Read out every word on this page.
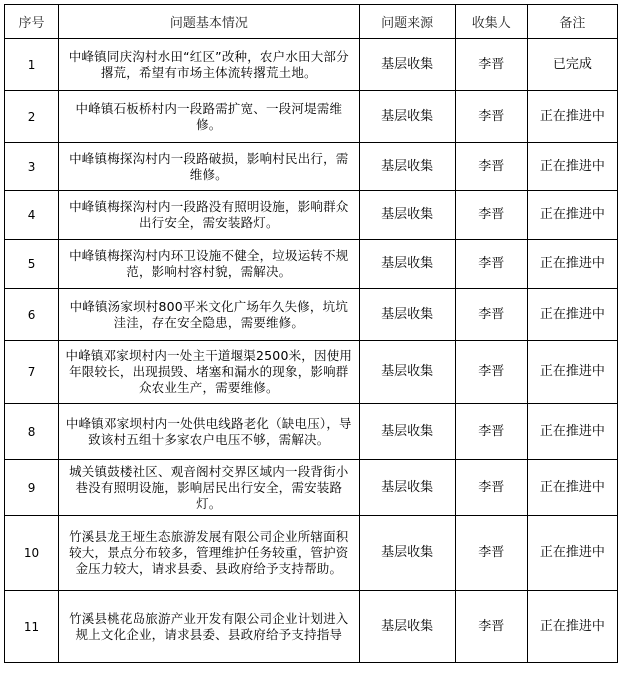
序号	问题基本情况	问题来源	收集人	备注
1	中峰镇同庆沟村水田“红区”改种，农户水田大部分撂荒，希望有市场主体流转撂荒土地。	基层收集	李晋	已完成
2	中峰镇石板桥村内一段路需扩宽、一段河堤需维修。	基层收集	李晋	正在推进中
3	中峰镇梅探沟村内一段路破损，影响村民出行，需维修。	基层收集	李晋	正在推进中
4	中峰镇梅探沟村内一段路没有照明设施，影响群众出行安全，需安装路灯。	基层收集	李晋	正在推进中
5	中峰镇梅探沟村内环卫设施不健全，垃圾运转不规范，影响村容村貌，需解决。	基层收集	李晋	正在推进中
6	中峰镇汤家坝村800平米文化广场年久失修，坑坑洼洼，存在安全隐患，需要维修。	基层收集	李晋	正在推进中
7	中峰镇邓家坝村内一处主干道堰渠2500米，因使用年限较长，出现损毁、堵塞和漏水的现象，影响群众农业生产，需要维修。	基层收集	李晋	正在推进中
8	中峰镇邓家坝村内一处供电线路老化（缺电压），导致该村五组十多家农户电压不够，需解决。	基层收集	李晋	正在推进中
9	城关镇鼓楼社区、观音阁村交界区域内一段背街小巷没有照明设施，影响居民出行安全，需安装路灯。	基层收集	李晋	正在推进中
10	竹溪县龙王垭生态旅游发展有限公司企业所辖面积较大，景点分布较多，管理维护任务较重，管护资金压力较大，请求县委、县政府给予支持帮助。	基层收集	李晋	正在推进中
11	竹溪县桃花岛旅游产业开发有限公司企业计划进入规上文化企业，请求县委、县政府给予支持指导	基层收集	李晋	正在推进中
